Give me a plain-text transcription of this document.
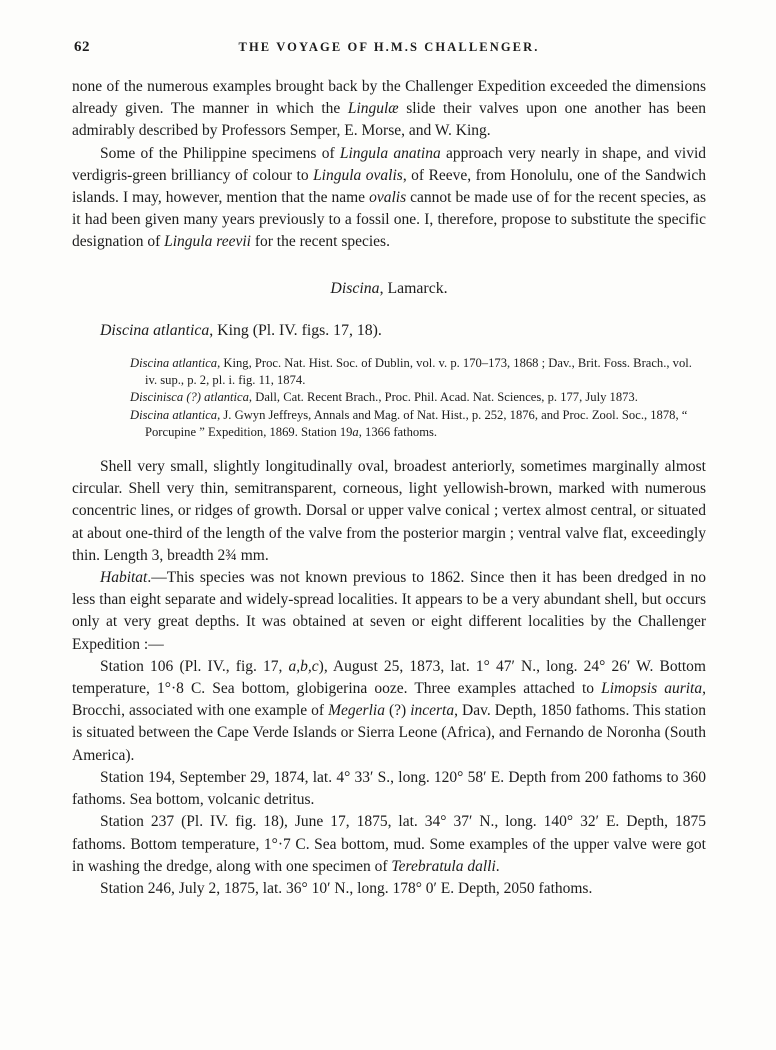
62	THE VOYAGE OF H.M.S CHALLENGER.

none of the numerous examples brought back by the Challenger Expedition exceeded the dimensions already given. The manner in which the Lingulæ slide their valves upon one another has been admirably described by Professors Semper, E. Morse, and W. King.

Some of the Philippine specimens of Lingula anatina approach very nearly in shape, and vivid verdigris-green brilliancy of colour to Lingula ovalis, of Reeve, from Honolulu, one of the Sandwich islands. I may, however, mention that the name ovalis cannot be made use of for the recent species, as it had been given many years previously to a fossil one. I, therefore, propose to substitute the specific designation of Lingula reevii for the recent species.

Discina, Lamarck.
Discina atlantica, King (Pl. IV. figs. 17, 18).

Discina atlantica, King, Proc. Nat. Hist. Soc. of Dublin, vol. v. p. 170–173, 1868 ; Dav., Brit. Foss. Brach., vol. iv. sup., p. 2, pl. i. fig. 11, 1874.

Discinisca (?) atlantica, Dall, Cat. Recent Brach., Proc. Phil. Acad. Nat. Sciences, p. 177, July 1873.

Discina atlantica, J. Gwyn Jeffreys, Annals and Mag. of Nat. Hist., p. 252, 1876, and Proc. Zool. Soc., 1878, “ Porcupine ” Expedition, 1869. Station 19a, 1366 fathoms.

Shell very small, slightly longitudinally oval, broadest anteriorly, sometimes marginally almost circular. Shell very thin, semitransparent, corneous, light yellowish-brown, marked with numerous concentric lines, or ridges of growth. Dorsal or upper valve conical ; vertex almost central, or situated at about one-third of the length of the valve from the posterior margin ; ventral valve flat, exceedingly thin. Length 3, breadth 2¾ mm.

Habitat.—This species was not known previous to 1862. Since then it has been dredged in no less than eight separate and widely-spread localities. It appears to be a very abundant shell, but occurs only at very great depths. It was obtained at seven or eight different localities by the Challenger Expedition :—

Station 106 (Pl. IV., fig. 17, a,b,c), August 25, 1873, lat. 1° 47′ N., long. 24° 26′ W. Bottom temperature, 1°·8 C. Sea bottom, globigerina ooze. Three examples attached to Limopsis aurita, Brocchi, associated with one example of Megerlia (?) incerta, Dav. Depth, 1850 fathoms. This station is situated between the Cape Verde Islands or Sierra Leone (Africa), and Fernando de Noronha (South America).

Station 194, September 29, 1874, lat. 4° 33′ S., long. 120° 58′ E. Depth from 200 fathoms to 360 fathoms. Sea bottom, volcanic detritus.

Station 237 (Pl. IV. fig. 18), June 17, 1875, lat. 34° 37′ N., long. 140° 32′ E. Depth, 1875 fathoms. Bottom temperature, 1°·7 C. Sea bottom, mud. Some examples of the upper valve were got in washing the dredge, along with one specimen of Terebratula dalli.

Station 246, July 2, 1875, lat. 36° 10′ N., long. 178° 0′ E. Depth, 2050 fathoms.
